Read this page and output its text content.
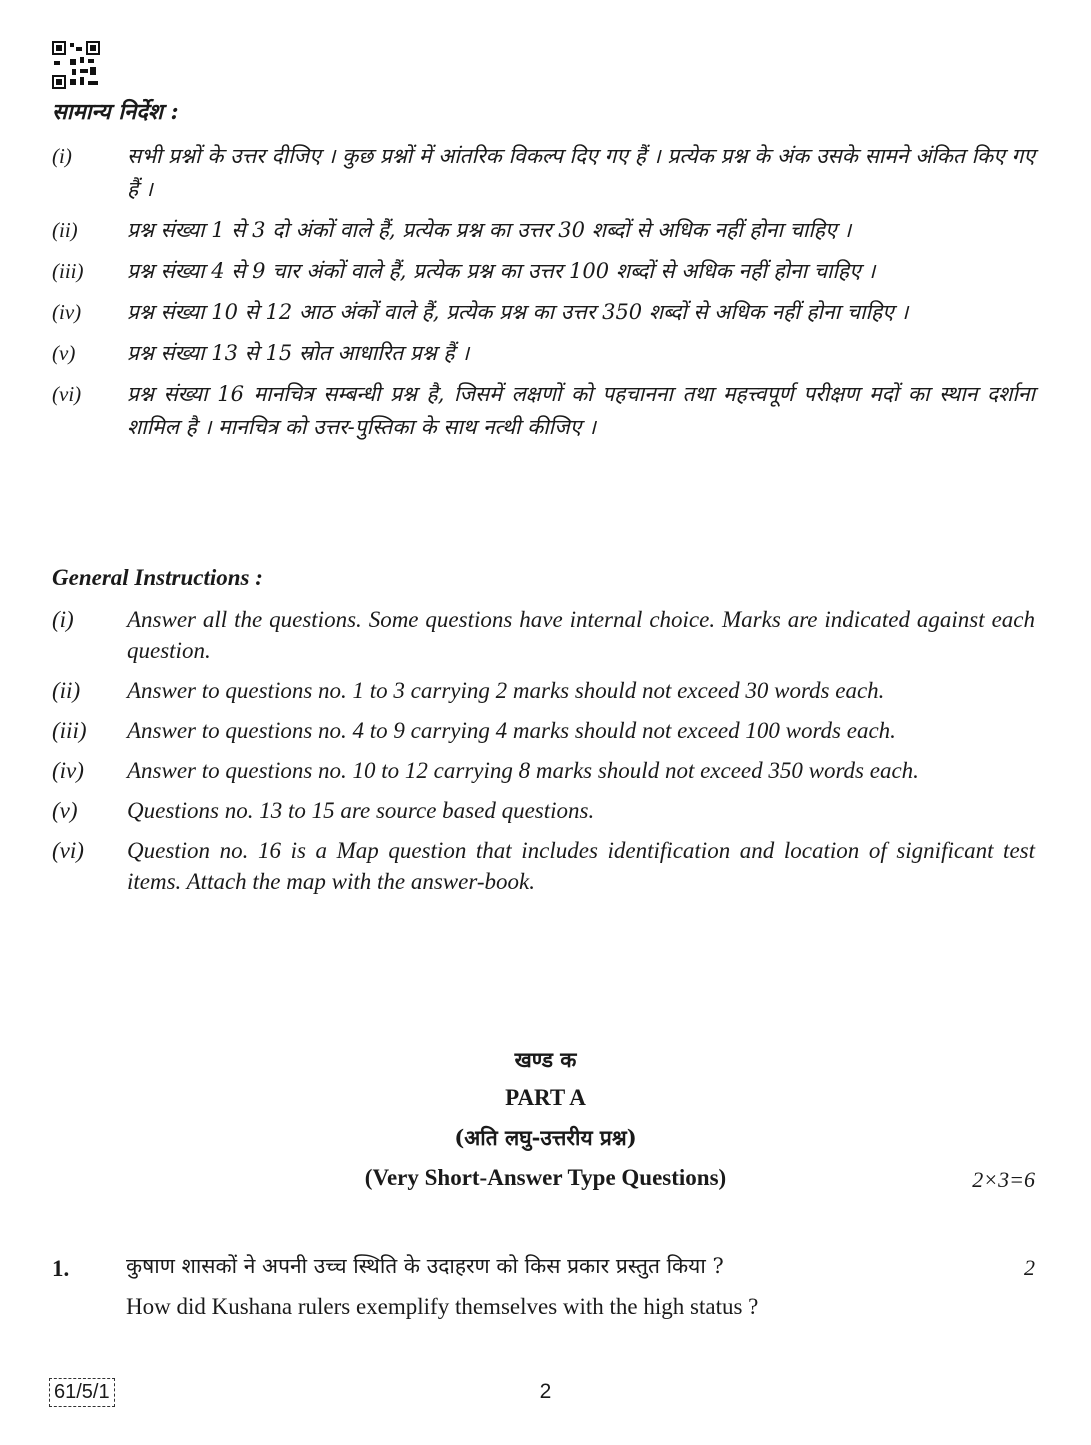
सामान्य निर्देश :
(i)	सभी प्रश्नों के उत्तर दीजिए । कुछ प्रश्नों में आंतरिक विकल्प दिए गए हैं । प्रत्येक प्रश्न के अंक उसके सामने अंकित किए गए हैं ।
(ii)	प्रश्न संख्या 1 से 3 दो अंकों वाले हैं, प्रत्येक प्रश्न का उत्तर 30 शब्दों से अधिक नहीं होना चाहिए ।
(iii)	प्रश्न संख्या 4 से 9 चार अंकों वाले हैं, प्रत्येक प्रश्न का उत्तर 100 शब्दों से अधिक नहीं होना चाहिए ।
(iv)	प्रश्न संख्या 10 से 12 आठ अंकों वाले हैं, प्रत्येक प्रश्न का उत्तर 350 शब्दों से अधिक नहीं होना चाहिए ।
(v)	प्रश्न संख्या 13 से 15 स्रोत आधारित प्रश्न हैं ।
(vi)	प्रश्न संख्या 16 मानचित्र सम्बन्धी प्रश्न है, जिसमें लक्षणों को पहचानना तथा महत्त्वपूर्ण परीक्षण मदों का स्थान दर्शाना शामिल है । मानचित्र को उत्तर-पुस्तिका के साथ नत्थी कीजिए ।
General Instructions :
(i)	Answer all the questions. Some questions have internal choice. Marks are indicated against each question.
(ii)	Answer to questions no. 1 to 3 carrying 2 marks should not exceed 30 words each.
(iii)	Answer to questions no. 4 to 9 carrying 4 marks should not exceed 100 words each.
(iv)	Answer to questions no. 10 to 12 carrying 8 marks should not exceed 350 words each.
(v)	Questions no. 13 to 15 are source based questions.
(vi)	Question no. 16 is a Map question that includes identification and location of significant test items. Attach the map with the answer-book.
खण्ड क
PART A
(अति लघु-उत्तरीय प्रश्न)
(Very Short-Answer Type Questions)	2×3=6
1.	कुषाण शासकों ने अपनी उच्च स्थिति के उदाहरण को किस प्रकार प्रस्तुत किया ?	2
How did Kushana rulers exemplify themselves with the high status ?
61/5/1	2
